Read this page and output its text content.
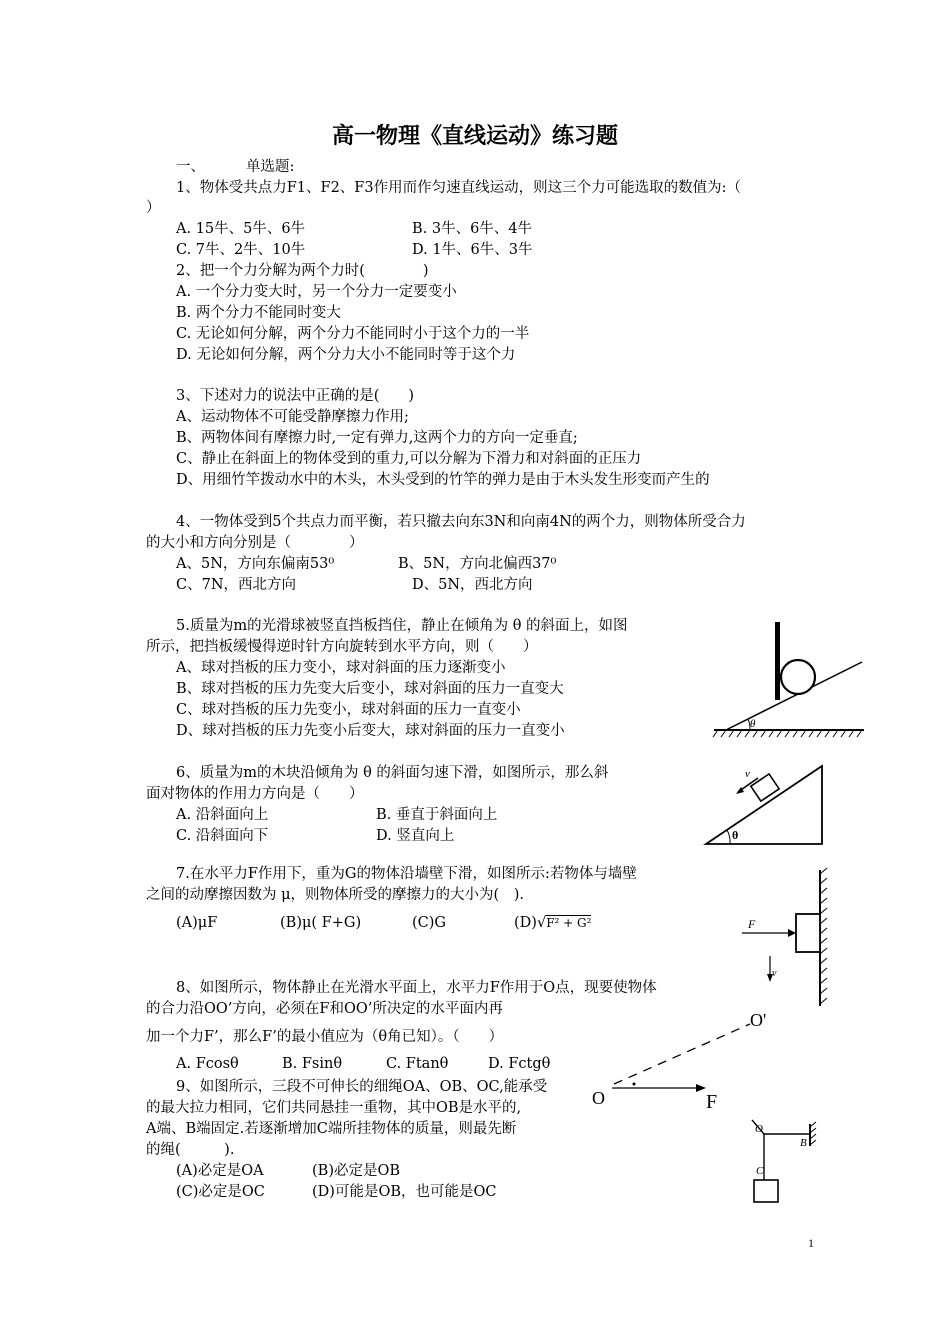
高一物理《直线运动》练习题
一、	单选题:
1、物体受共点力F1、F2、F3作用而作匀速直线运动，则这三个力可能选取的数值为:（
）
A. 15牛、5牛、6牛	B. 3牛、6牛、4牛
C. 7牛、2牛、10牛	D. 1牛、6牛、3牛
2、把一个力分解为两个力时(　　　　)
A. 一个分力变大时，另一个分力一定要变小
B. 两个分力不能同时变大
C. 无论如何分解，两个分力不能同时小于这个力的一半
D. 无论如何分解，两个分力大小不能同时等于这个力
3、下述对力的说法中正确的是(　　)
A、运动物体不可能受静摩擦力作用;
B、两物体间有摩擦力时,一定有弹力,这两个力的方向一定垂直;
C、静止在斜面上的物体受到的重力,可以分解为下滑力和对斜面的正压力
D、用细竹竿拨动水中的木头，木头受到的竹竿的弹力是由于木头发生形变而产生的
4、一物体受到5个共点力而平衡，若只撤去向东3N和向南4N的两个力，则物体所受合力
的大小和方向分别是（　　　　）
A、5N，方向东偏南53⁰	B、5N，方向北偏西37⁰
C、7N，西北方向	D、5N，西北方向
5.质量为m的光滑球被竖直挡板挡住，静止在倾角为 θ 的斜面上，如图
所示，把挡板缓慢得逆时针方向旋转到水平方向，则（　　）
A、球对挡板的压力变小，球对斜面的压力逐渐变小
B、球对挡板的压力先变大后变小，球对斜面的压力一直变大
C、球对挡板的压力先变小，球对斜面的压力一直变小
D、球对挡板的压力先变小后变大，球对斜面的压力一直变小	θ
6、质量为m的木块沿倾角为 θ 的斜面匀速下滑，如图所示，那么斜
面对物体的作用力方向是（　　）
A. 沿斜面向上	B. 垂直于斜面向上
C. 沿斜面向下	D. 竖直向上
v
θ
7.在水平力F作用下，重为G的物体沿墙壁下滑，如图所示:若物体与墙壁
之间的动摩擦因数为 μ，则物体所受的摩擦力的大小为(　).
(A)μF	(B)μ( F+G)	(C)G	(D)√F² + G²	F
v
8、如图所示，物体静止在光滑水平面上，水平力F作用于O点，现要使物体
的合力沿OO’方向，必须在F和OO’所决定的水平面内再
加一个力F’，那么F’的最小值应为（θ角已知）。（　　）
A. Fcosθ	B. Fsinθ	C. Ftanθ	D. Fctgθ
O	F
O'
9、如图所示，三段不可伸长的细绳OA、OB、OC,能承受
的最大拉力相同，它们共同悬挂一重物，其中OB是水平的,
A端、B端固定.若逐渐增加C端所挂物体的质量，则最先断
的绳(　　　).
(A)必定是OA	(B)必定是OB
(C)必定是OC	(D)可能是OB，也可能是OC
O
B
C
1
